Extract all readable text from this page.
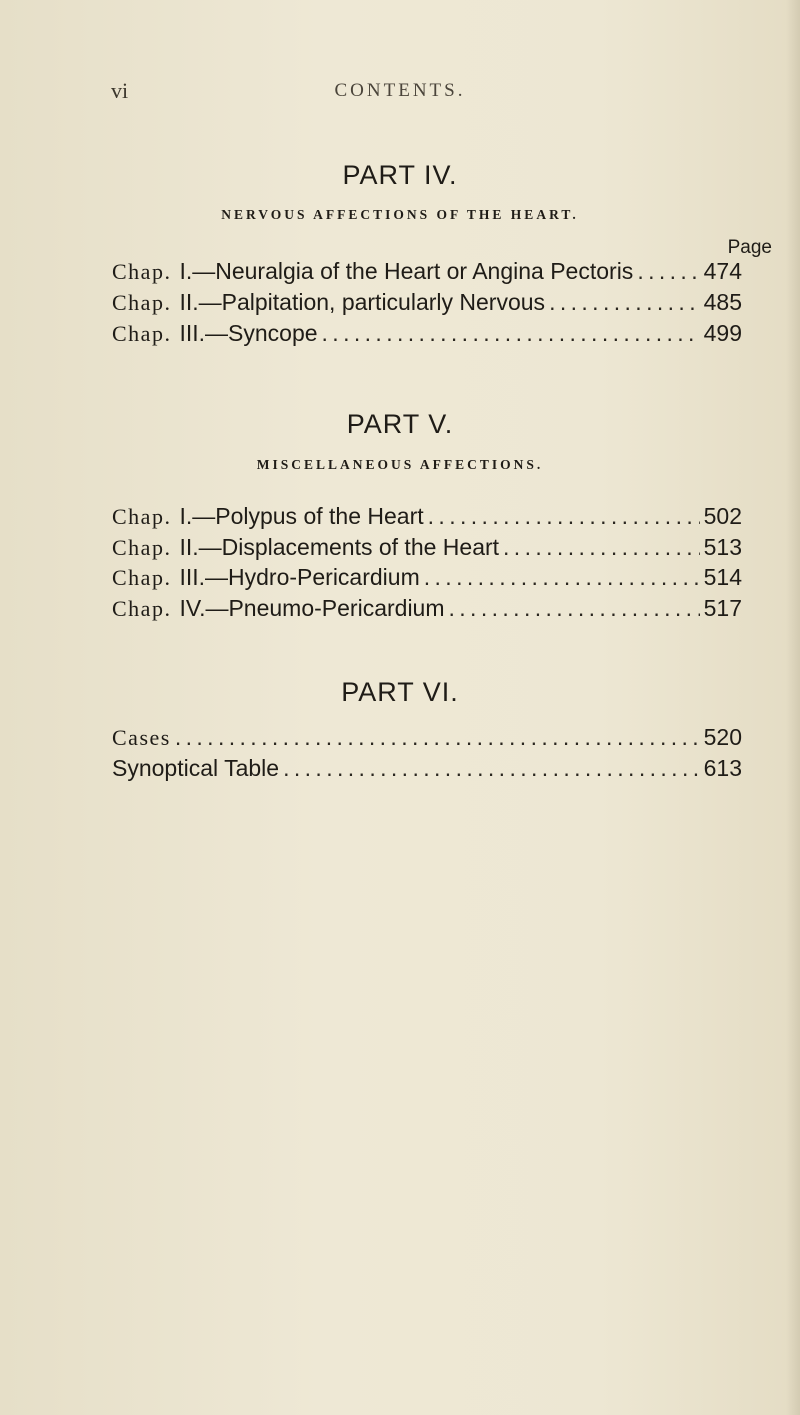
vi	CONTENTS.
PART IV.
NERVOUS AFFECTIONS OF THE HEART.
Page
Chap. I. — Neuralgia of the Heart or Angina Pectoris . . .	474
Chap. II. — Palpitation, particularly Nervous . . .	485
Chap. III. — Syncope . . .	499
PART V.
MISCELLANEOUS AFFECTIONS.
Chap. I. — Polypus of the Heart . . .	502
Chap. II. — Displacements of the Heart . . .	513
Chap. III. — Hydro-Pericardium . . .	514
Chap. IV. — Pneumo-Pericardium . . .	517
PART VI.
Cases . . .	520
Synoptical Table . . .	613
